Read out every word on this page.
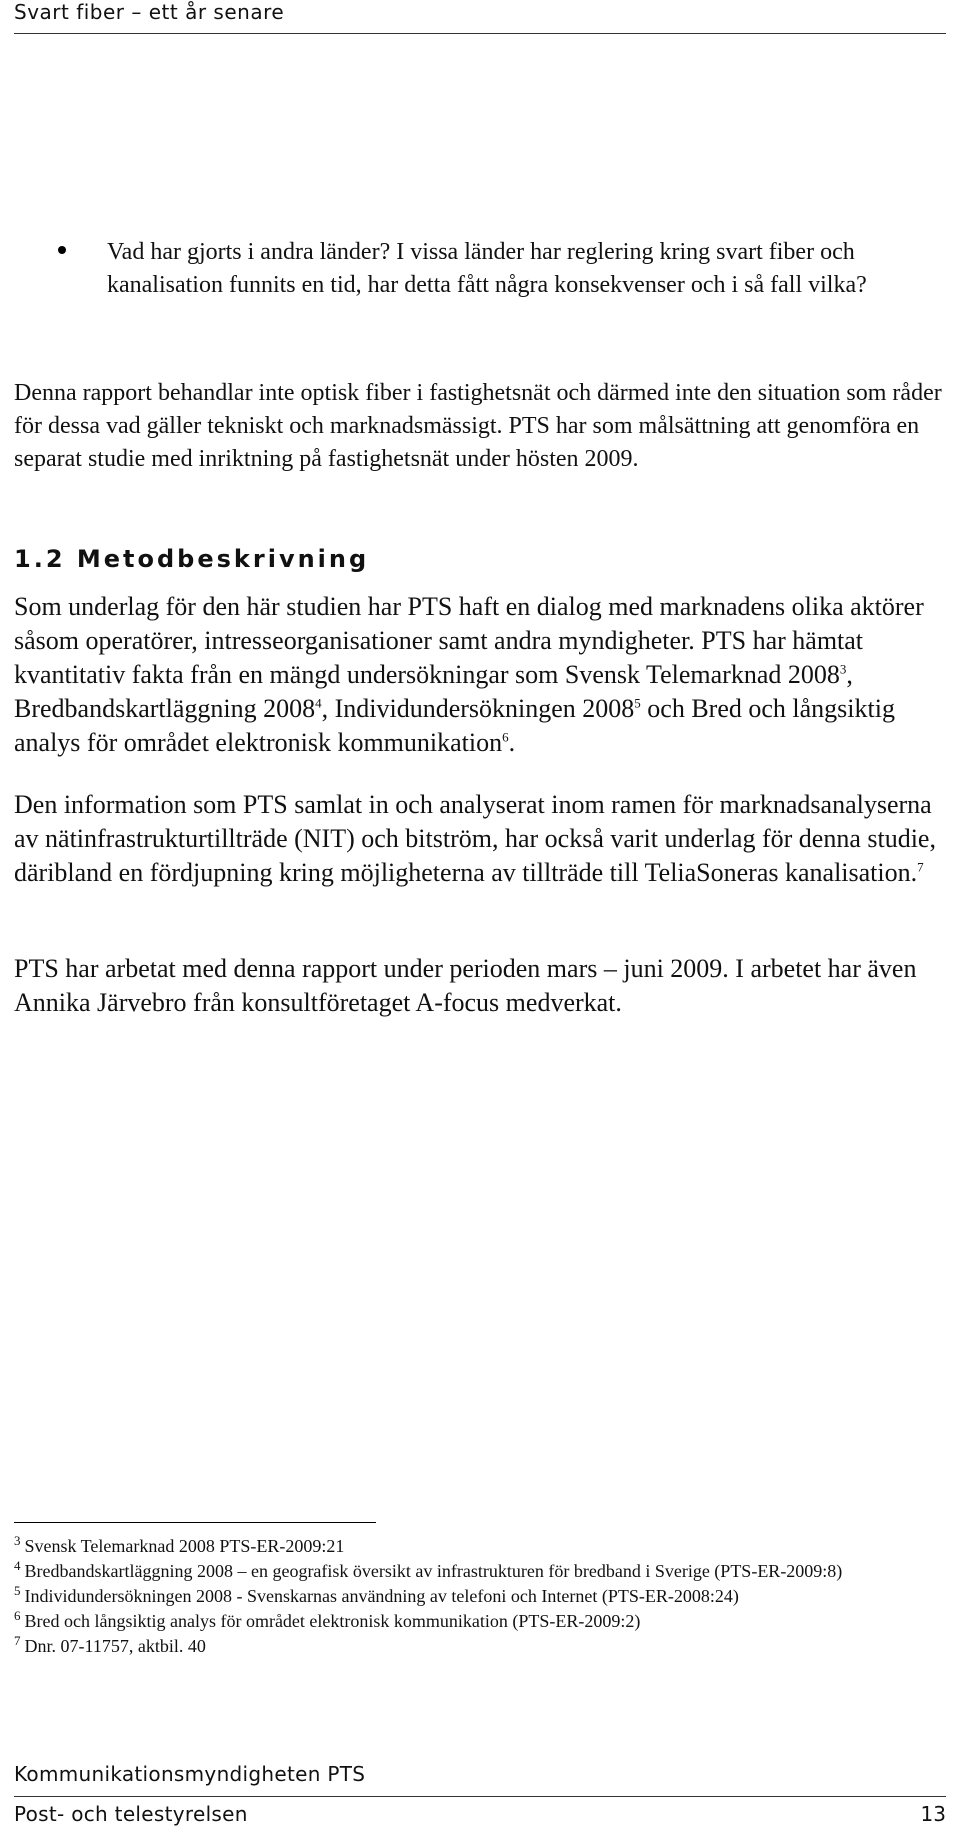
Svart fiber – ett år senare
Vad har gjorts i andra länder? I vissa länder har reglering kring svart fiber och kanalisation funnits en tid, har detta fått några konsekvenser och i så fall vilka?
Denna rapport behandlar inte optisk fiber i fastighetsnät och därmed inte den situation som råder för dessa vad gäller tekniskt och marknadsmässigt. PTS har som målsättning att genomföra en separat studie med inriktning på fastighetsnät under hösten 2009.
1.2 Metodbeskrivning
Som underlag för den här studien har PTS haft en dialog med marknadens olika aktörer såsom operatörer, intresseorganisationer samt andra myndigheter. PTS har hämtat kvantitativ fakta från en mängd undersökningar som Svensk Telemarknad 2008$^3$, Bredbandskartläggning 2008$^4$, Individundersökningen 2008$^5$ och Bred och långsiktig analys för området elektronisk kommunikation$^6$.
Den information som PTS samlat in och analyserat inom ramen för marknadsanalyserna av nätinfrastrukturtillträde (NIT) och bitström, har också varit underlag för denna studie, däribland en fördjupning kring möjligheterna av tillträde till TeliaSoneras kanalisation.$^7$
PTS har arbetat med denna rapport under perioden mars – juni 2009. I arbetet har även Annika Järvebro från konsultföretaget A-focus medverkat.
$^3$ Svensk Telemarknad 2008 PTS-ER-2009:21
$^4$ Bredbandskartläggning 2008 – en geografisk översikt av infrastrukturen för bredband i Sverige (PTS-ER-2009:8)
$^5$ Individundersökningen 2008 - Svenskarnas användning av telefoni och Internet (PTS-ER-2008:24)
$^6$ Bred och långsiktig analys för området elektronisk kommunikation (PTS-ER-2009:2)
$^7$ Dnr. 07-11757, aktbil. 40
Kommunikationsmyndigheten PTS
Post- och telestyrelsen	13
